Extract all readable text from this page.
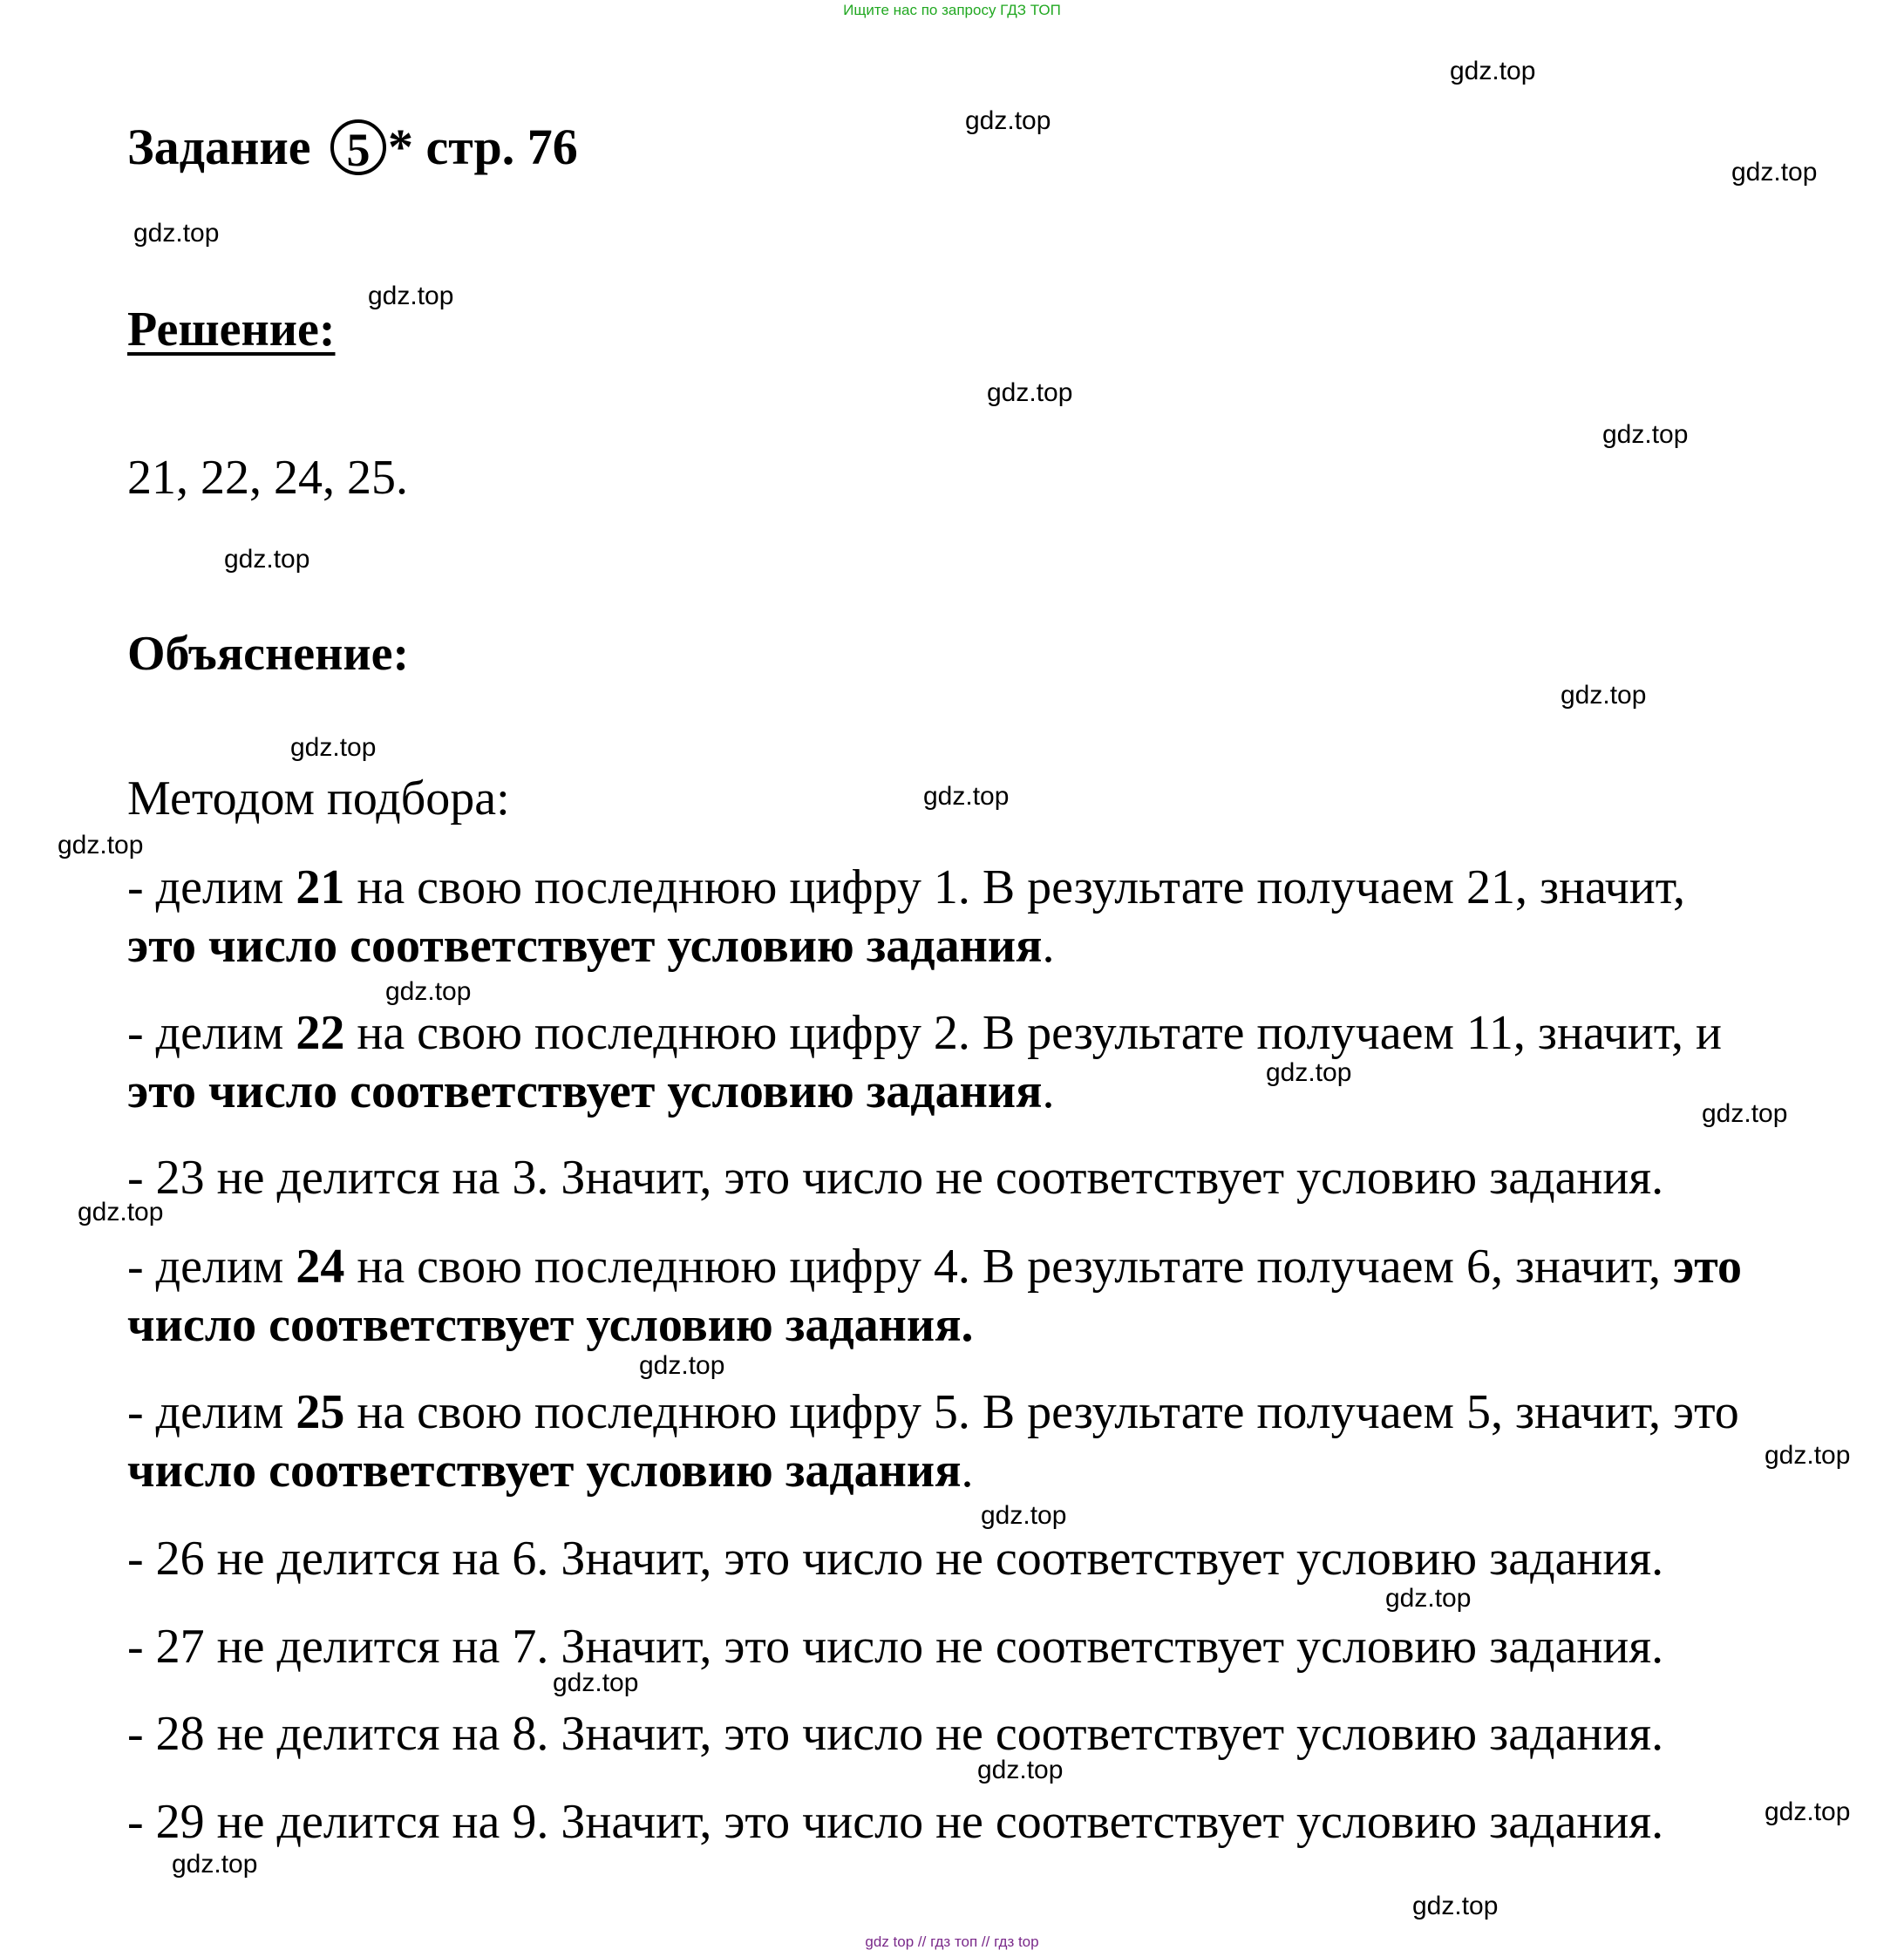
Ищите нас по запросу ГДЗ ТОП
Задание 5 * стр. 76
Решение:
21, 22, 24, 25.
Объяснение:
Методом подбора:
- делим 21 на свою последнюю цифру 1. В результате получаем 21, значит,
это число соответствует условию задания.
- делим 22 на свою последнюю цифру 2. В результате получаем 11, значит, и
это число соответствует условию задания.
- 23 не делится на 3. Значит, это число не соответствует условию задания.
- делим 24 на свою последнюю цифру 4. В результате получаем 6, значит, это
число соответствует условию задания.
- делим 25 на свою последнюю цифру 5. В результате получаем 5, значит, это
число соответствует условию задания.
- 26 не делится на 6. Значит, это число не соответствует условию задания.
- 27 не делится на 7. Значит, это число не соответствует условию задания.
- 28 не делится на 8. Значит, это число не соответствует условию задания.
- 29 не делится на 9. Значит, это число не соответствует условию задания.
gdz.top
gdz.top
gdz.top
gdz.top
gdz.top
gdz.top
gdz.top
gdz.top
gdz.top
gdz.top
gdz.top
gdz.top
gdz.top
gdz.top
gdz.top
gdz.top
gdz.top
gdz.top
gdz.top
gdz.top
gdz.top
gdz.top
gdz.top
gdz.top
gdz.top
gdz top // гдз топ // гдз top
